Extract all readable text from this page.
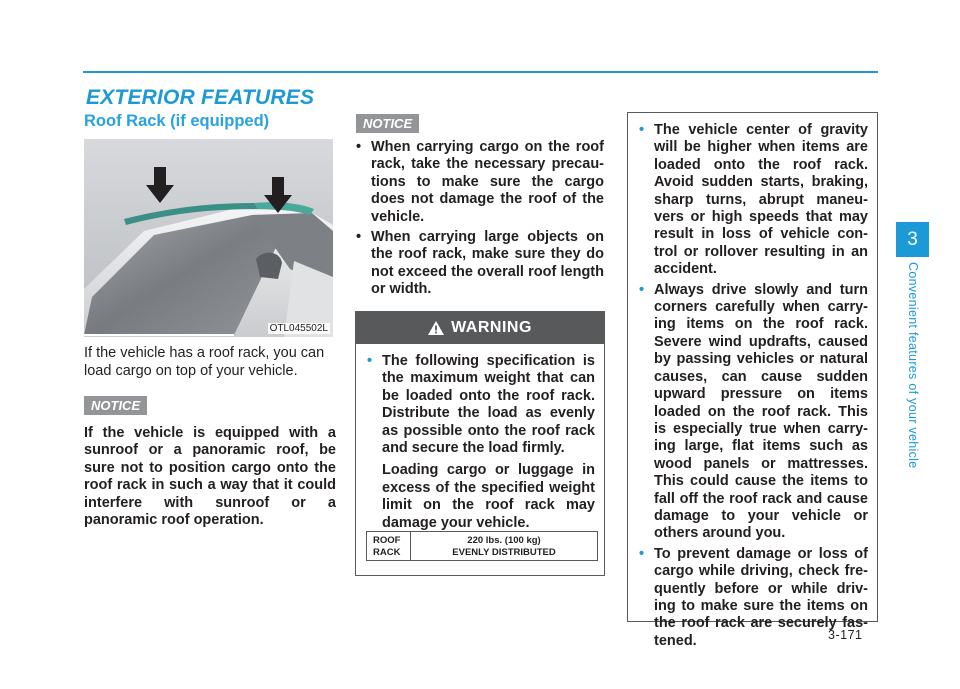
EXTERIOR FEATURES
Roof Rack (if equipped)
OTL045502L

If the vehicle has a roof rack, you can load cargo on top of your vehicle.

NOTICE

If the vehicle is equipped with a sunroof or a panoramic roof, be sure not to position cargo onto the roof rack in such a way that it could interfere with sunroof or a panoramic roof operation.

NOTICE
• When carrying cargo on the roof rack, take the necessary precau-tions to make sure the cargo does not damage the roof of the vehicle.
• When carrying large objects on the roof rack, make sure they do not exceed the overall roof length or width.
WARNING
• The following specification is the maximum weight that can be loaded onto the roof rack. Distribute the load as evenly as possible onto the roof rack and secure the load firmly.

Loading cargo or luggage in excess of the specified weight limit on the roof rack may damage your vehicle.

ROOF
RACK
220 lbs. (100 kg)
EVENLY DISTRIBUTED
• The vehicle center of gravity will be higher when items are loaded onto the roof rack. Avoid sudden starts, braking, sharp turns, abrupt maneu-vers or high speeds that may result in loss of vehicle con-trol or rollover resulting in an accident.
• Always drive slowly and turn corners carefully when carry-ing items on the roof rack. Severe wind updrafts, caused by passing vehicles or natural causes, can cause sudden upward pressure on items loaded on the roof rack. This is especially true when carry-ing large, flat items such as wood panels or mattresses. This could cause the items to fall off the roof rack and cause damage to your vehicle or others around you.
• To prevent damage or loss of cargo while driving, check fre-quently before or while driv-ing to make sure the items on the roof rack are securely fas-tened.
3
Convenient features of your vehicle
3-171
